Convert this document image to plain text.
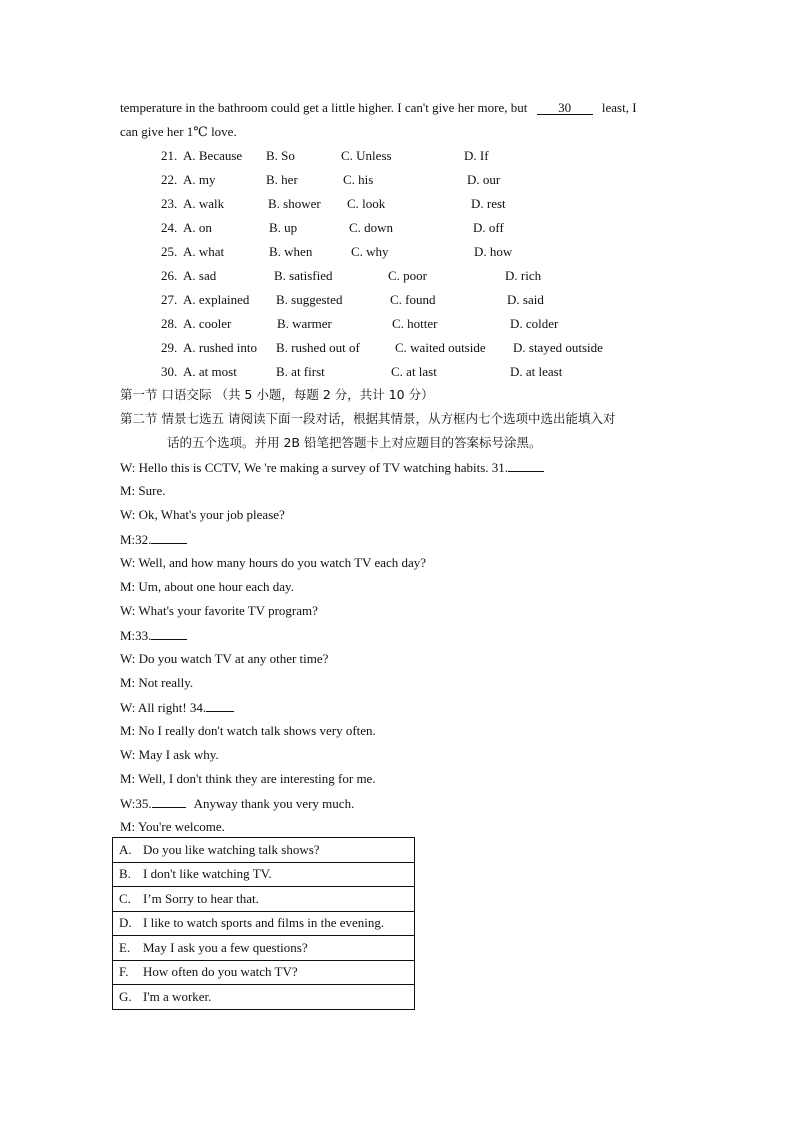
temperature in the bathroom could get a little higher. I can't give her more, but 30 least, I
can give her 1℃ love.
21. A. Because B. So	C. Unless	D. If
22. A. my	B. her	C. his	D. our
23. A. walk	B. shower C. look	D. rest
24. A. on	B. up	C. down	D. off
25. A. what	B. when	C. why	D. how
26. A. sad	B. satisfied	C. poor	D. rich
27. A. explained B. suggested	C. found	D. said
28. A. cooler	B. warmer	C. hotter	D. colder
29. A. rushed into B. rushed out of	C. waited outside D. stayed outside
30. A. at most	B. at first	C. at last	D. at least
第一节 口语交际 （共 5 小题，每题 2 分，共计 10 分）
第二节 情景七选五 请阅读下面一段对话，根据其情景，从方框内七个选项中选出能填入对
话的五个选项。并用 2B 铅笔把答题卡上对应题目的答案标号涂黑。
W: Hello this is CCTV, We 're making a survey of TV watching habits. 31.
M: Sure.
W: Ok, What's your job please?
M:32.
W: Well, and how many hours do you watch TV each day?
M: Um, about one hour each day.
W: What's your favorite TV program?
M:33.
W: Do you watch TV at any other time?
M: Not really.
W: All right! 34.
M: No I really don't watch talk shows very often.
W: May I ask why.
M: Well, I don't think they are interesting for me.
W:35.	Anyway thank you very much.
M: You're welcome.
A. Do you like watching talk shows?
B. I don't like watching TV.
C. I’m Sorry to hear that.
D. I like to watch sports and films in the evening.
E. May I ask you a few questions?
F. How often do you watch TV?
G. I'm a worker.
